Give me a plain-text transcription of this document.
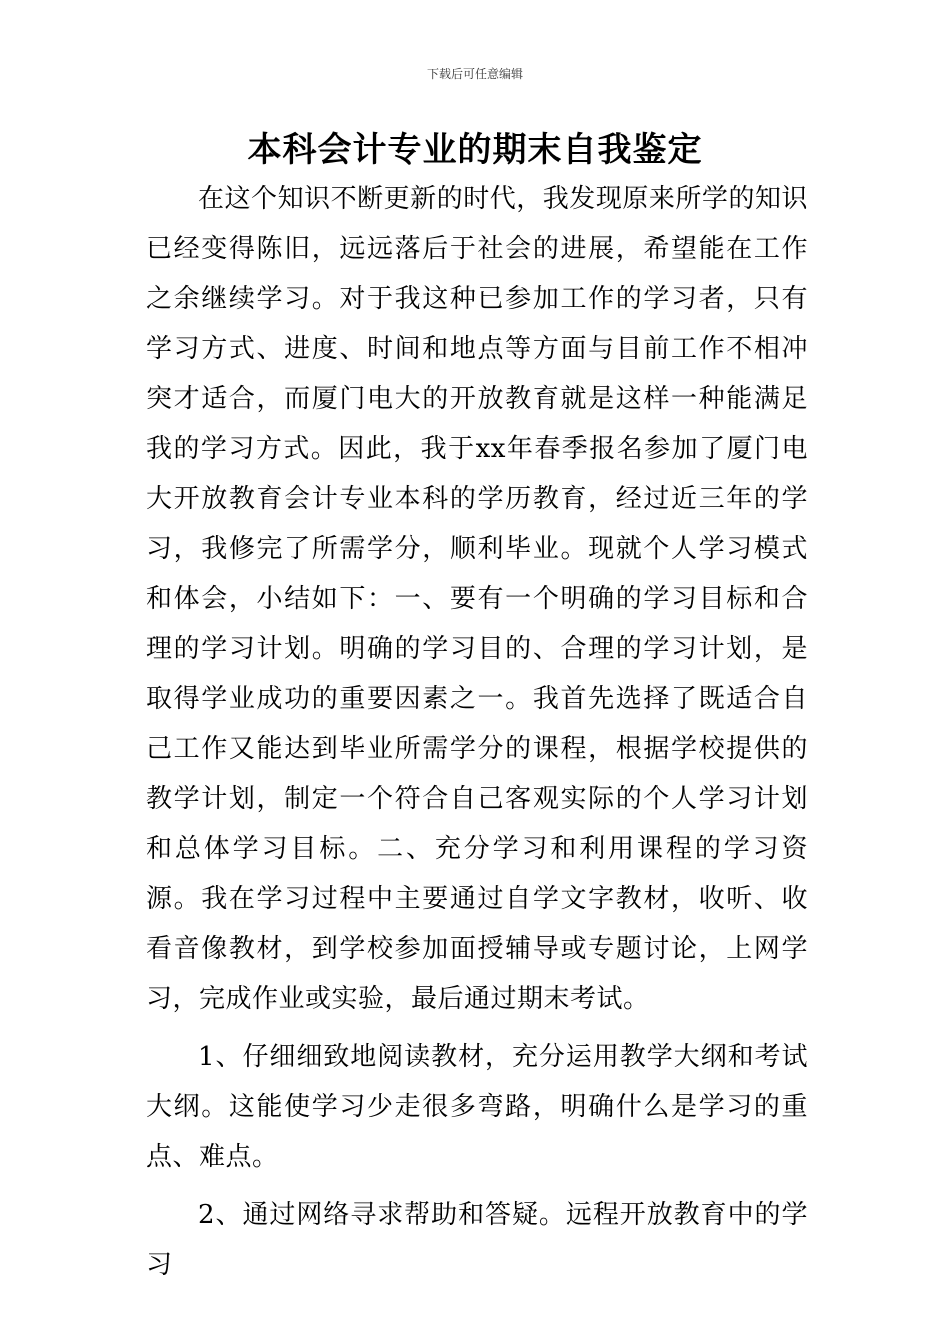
下载后可任意编辑
本科会计专业的期末自我鉴定

在这个知识不断更新的时代，我发现原来所学的知识已经变得陈旧，远远落后于社会的进展，希望能在工作之余继续学习。对于我这种已参加工作的学习者，只有学习方式、进度、时间和地点等方面与目前工作不相冲突才适合，而厦门电大的开放教育就是这样一种能满足我的学习方式。因此，我于xx年春季报名参加了厦门电大开放教育会计专业本科的学历教育，经过近三年的学习，我修完了所需学分，顺利毕业。现就个人学习模式和体会，小结如下：一、要有一个明确的学习目标和合理的学习计划。明确的学习目的、合理的学习计划，是取得学业成功的重要因素之一。我首先选择了既适合自己工作又能达到毕业所需学分的课程，根据学校提供的教学计划，制定一个符合自己客观实际的个人学习计划和总体学习目标。二、充分学习和利用课程的学习资源。我在学习过程中主要通过自学文字教材，收听、收看音像教材，到学校参加面授辅导或专题讨论，上网学习，完成作业或实验，最后通过期末考试。

1、仔细细致地阅读教材，充分运用教学大纲和考试大纲。这能使学习少走很多弯路，明确什么是学习的重点、难点。

2、通过网络寻求帮助和答疑。远程开放教育中的学习
